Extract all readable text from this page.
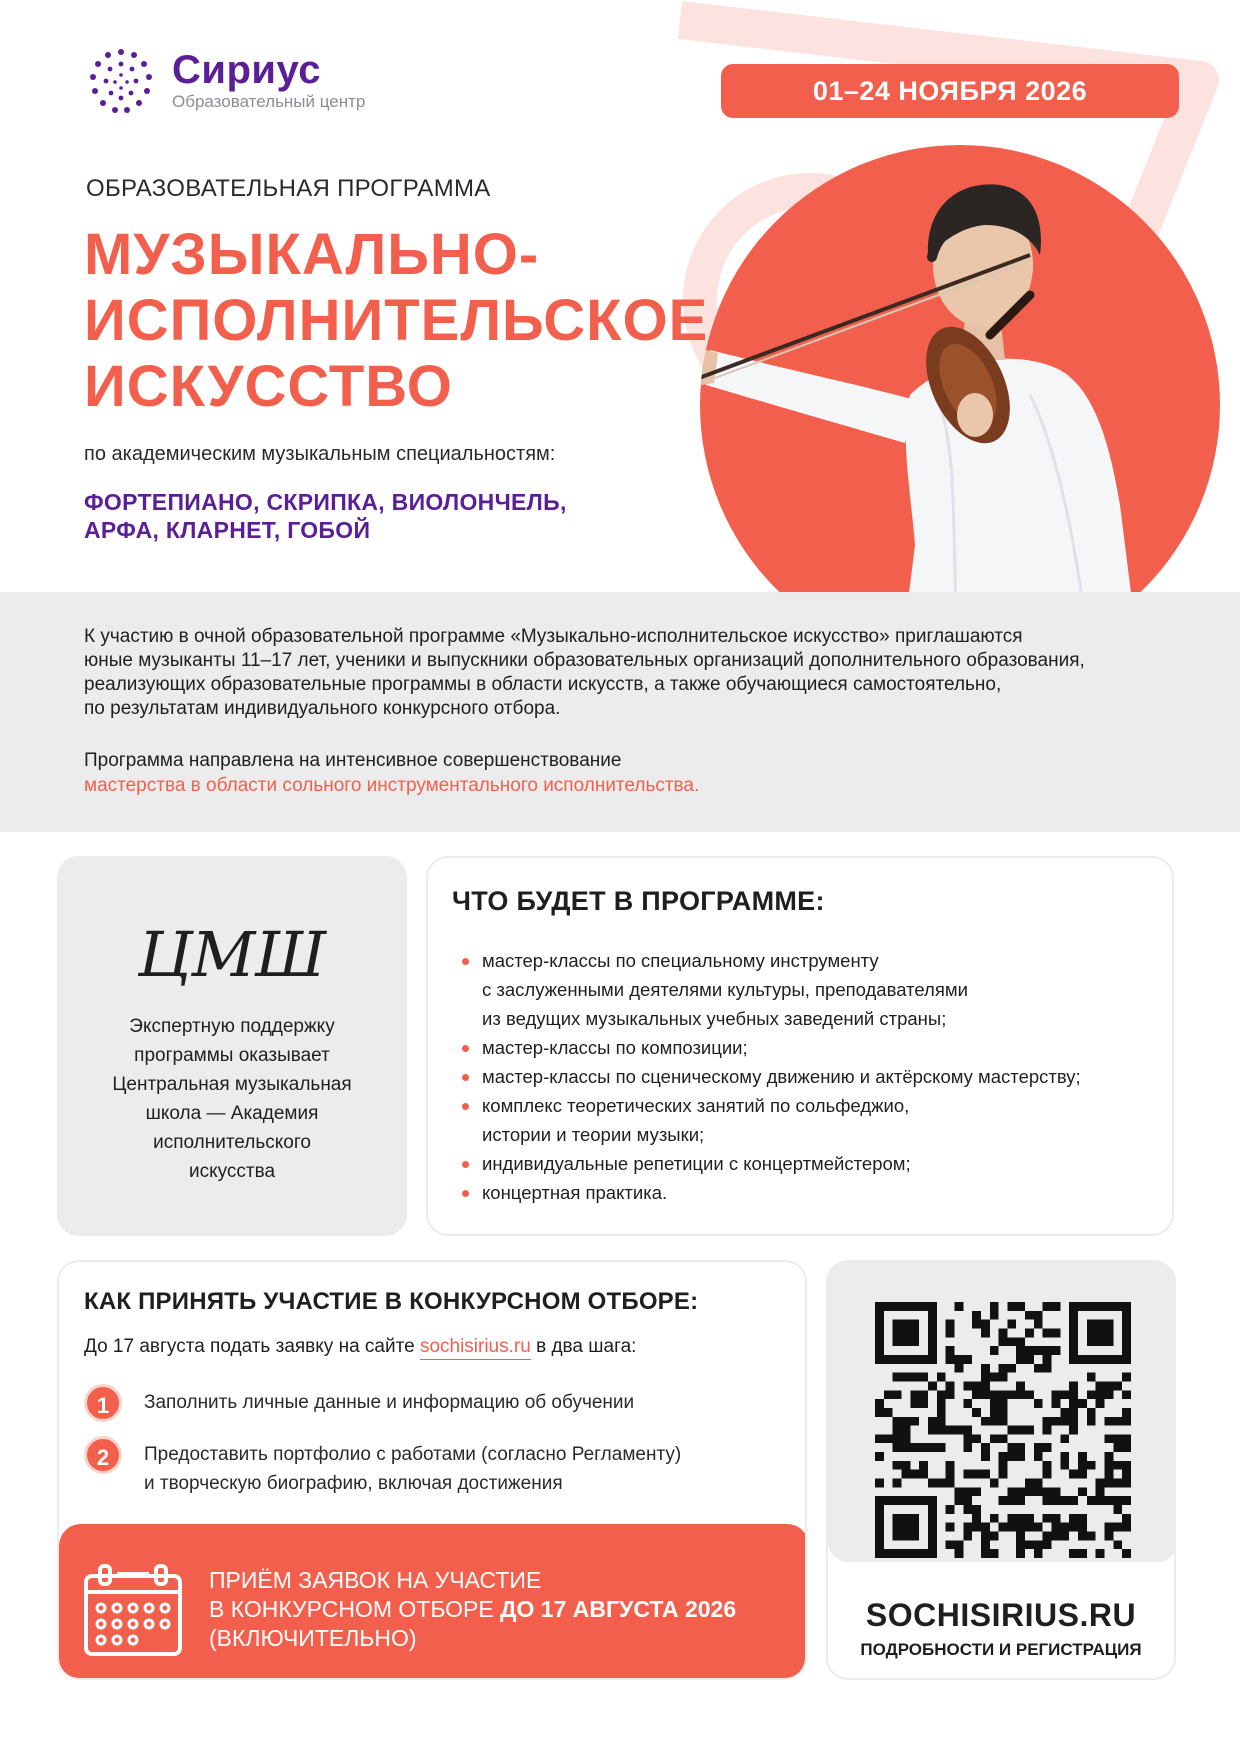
Сириус
Образовательный центр	01–24 НОЯБРЯ 2026
ОБРАЗОВАТЕЛЬНАЯ ПРОГРАММА
МУЗЫКАЛЬНО-
ИСПОЛНИТЕЛЬСКОЕ
ИСКУССТВО
по академическим музыкальным специальностям:
ФОРТЕПИАНО, СКРИПКА, ВИОЛОНЧЕЛЬ,
АРФА, КЛАРНЕТ, ГОБОЙ
К участию в очной образовательной программе «Музыкально-исполнительское искусство» приглашаются
юные музыканты 11–17 лет, ученики и выпускники образовательных организаций дополнительного образования,
реализующих образовательные программы в области искусств, а также обучающиеся самостоятельно,
по результатам индивидуального конкурсного отбора.
Программа направлена на интенсивное совершенствование
мастерства в области сольного инструментального исполнительства.
ЦМШ
Экспертную поддержку
программы оказывает
Центральная музыкальная
школа — Академия
исполнительского
искусства
ЧТО БУДЕТ В ПРОГРАММЕ:
мастер-классы по специальному инструменту
с заслуженными деятелями культуры, преподавателями
из ведущих музыкальных учебных заведений страны;
мастер-классы по композиции;
мастер-классы по сценическому движению и актёрскому мастерству;
комплекс теоретических занятий по сольфеджио,
истории и теории музыки;
индивидуальные репетиции с концертмейстером;
концертная практика.
КАК ПРИНЯТЬ УЧАСТИЕ В КОНКУРСНОМ ОТБОРЕ:
До 17 августа подать заявку на сайте sochisirius.ru в два шага:
1	Заполнить личные данные и информацию об обучении
2	Предоставить портфолио с работами (согласно Регламенту)
и творческую биографию, включая достижения
ПРИЁМ ЗАЯВОК НА УЧАСТИЕ
В КОНКУРСНОМ ОТБОРЕ ДО 17 АВГУСТА 2026
(ВКЛЮЧИТЕЛЬНО)
SOCHISIRIUS.RU
ПОДРОБНОСТИ И РЕГИСТРАЦИЯ
